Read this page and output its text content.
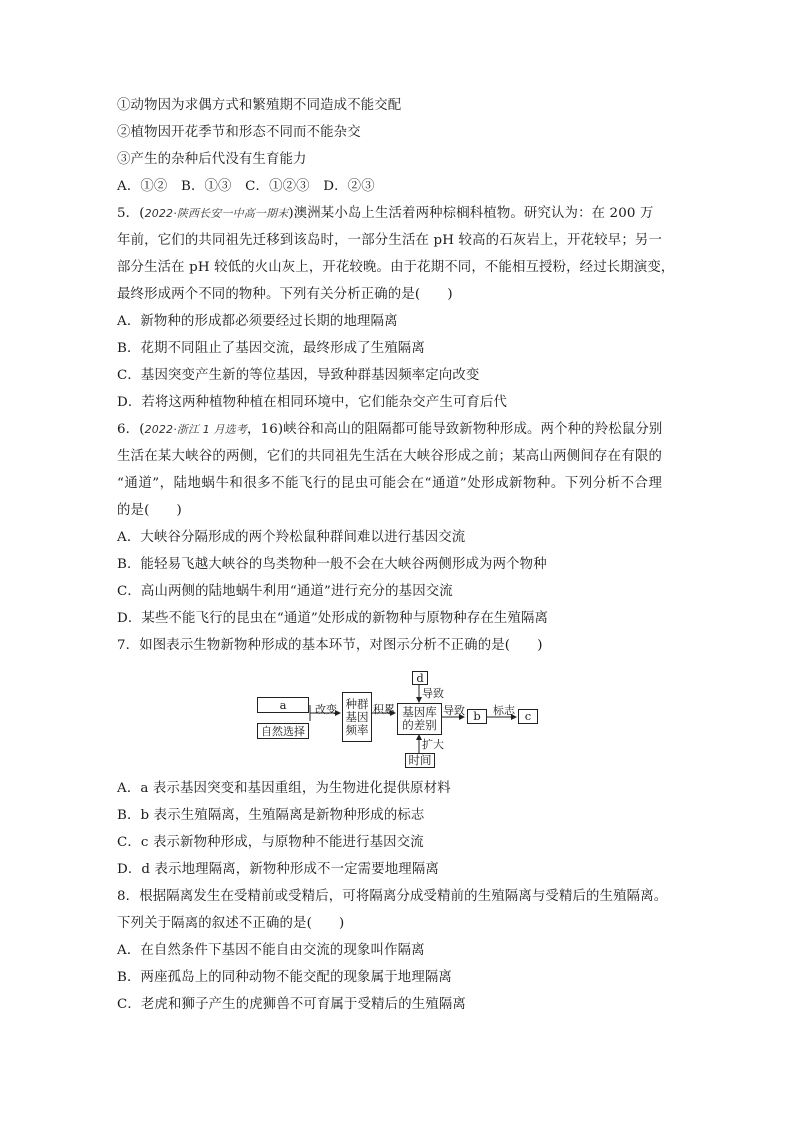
①动物因为求偶方式和繁殖期不同造成不能交配
②植物因开花季节和形态不同而不能杂交
③产生的杂种后代没有生育能力
A．①②　B．①③　C．①②③　D．②③
5．(2022·陕西长安一中高一期末)澳洲某小岛上生活着两种棕榈科植物。研究认为：在 200 万
年前，它们的共同祖先迁移到该岛时，一部分生活在 pH 较高的石灰岩上，开花较早；另一
部分生活在 pH 较低的火山灰上，开花较晚。由于花期不同，不能相互授粉，经过长期演变，
最终形成两个不同的物种。下列有关分析正确的是(　　)
A．新物种的形成都必须要经过长期的地理隔离
B．花期不同阻止了基因交流，最终形成了生殖隔离
C．基因突变产生新的等位基因，导致种群基因频率定向改变
D．若将这两种植物种植在相同环境中，它们能杂交产生可育后代
6．(2022·浙江 1 月选考，16)峡谷和高山的阻隔都可能导致新物种形成。两个种的羚松鼠分别
生活在某大峡谷的两侧，它们的共同祖先生活在大峡谷形成之前；某高山两侧间存在有限的
“通道”，陆地蜗牛和很多不能飞行的昆虫可能会在“通道”处形成新物种。下列分析不合理
的是(　　)
A．大峡谷分隔形成的两个羚松鼠种群间难以进行基因交流
B．能轻易飞越大峡谷的鸟类物种一般不会在大峡谷两侧形成为两个物种
C．高山两侧的陆地蜗牛利用“通道”进行充分的基因交流
D．某些不能飞行的昆虫在“通道”处形成的新物种与原物种存在生殖隔离
7．如图表示生物新物种形成的基本环节，对图示分析不正确的是(　　)
a
自然选择
改变 种群
基因
频率
积累 基因库
的差别
d
导致
导致 b	标志 c
扩大
时间
A．a 表示基因突变和基因重组，为生物进化提供原材料
B．b 表示生殖隔离，生殖隔离是新物种形成的标志
C．c 表示新物种形成，与原物种不能进行基因交流
D．d 表示地理隔离，新物种形成不一定需要地理隔离
8．根据隔离发生在受精前或受精后，可将隔离分成受精前的生殖隔离与受精后的生殖隔离。
下列关于隔离的叙述不正确的是(　　)
A．在自然条件下基因不能自由交流的现象叫作隔离
B．两座孤岛上的同种动物不能交配的现象属于地理隔离
C．老虎和狮子产生的虎狮兽不可育属于受精后的生殖隔离
